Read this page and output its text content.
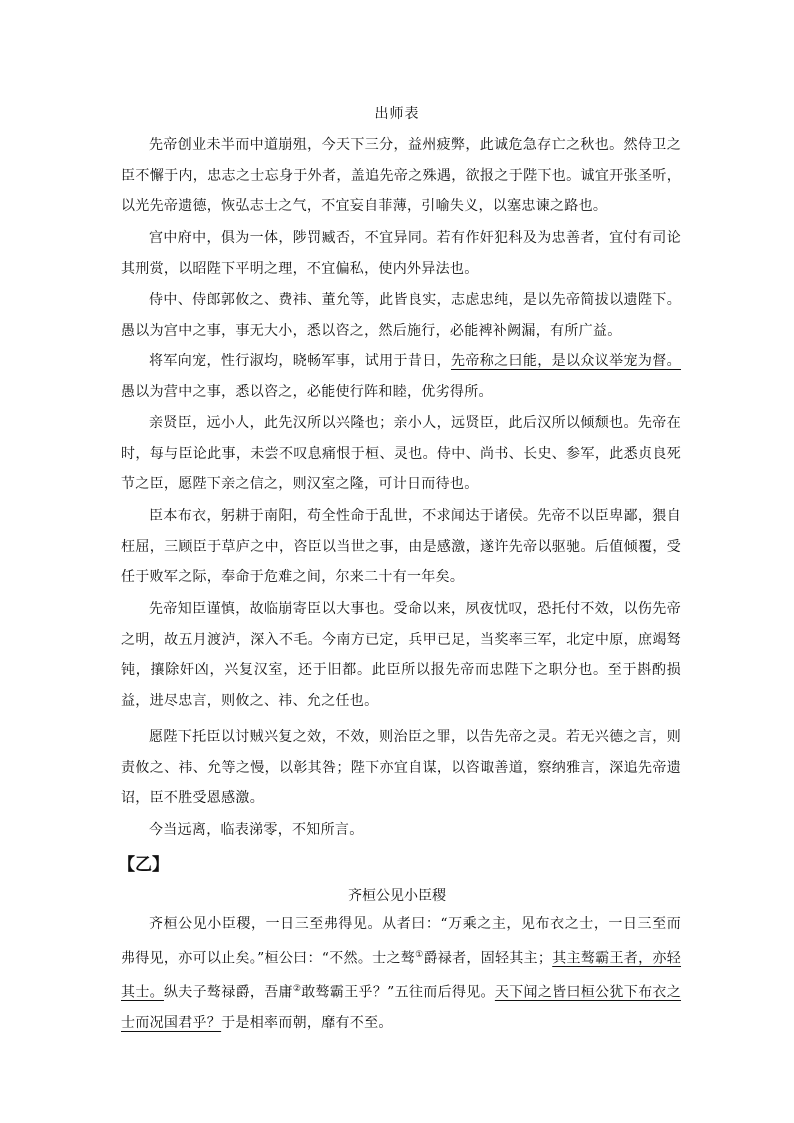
出师表

先帝创业未半而中道崩殂，今天下三分，益州疲弊，此诚危急存亡之秋也。然侍卫之臣不懈于内，忠志之士忘身于外者，盖追先帝之殊遇，欲报之于陛下也。诚宜开张圣听，以光先帝遗德，恢弘志士之气，不宜妄自菲薄，引喻失义，以塞忠谏之路也。

宫中府中，俱为一体，陟罚臧否，不宜异同。若有作奸犯科及为忠善者，宜付有司论其刑赏，以昭陛下平明之理，不宜偏私，使内外异法也。

侍中、侍郎郭攸之、费祎、董允等，此皆良实，志虑忠纯，是以先帝简拔以遗陛下。愚以为宫中之事，事无大小，悉以咨之，然后施行，必能裨补阙漏，有所广益。

将军向宠，性行淑均，晓畅军事，试用于昔日，先帝称之曰能，是以众议举宠为督。愚以为营中之事，悉以咨之，必能使行阵和睦，优劣得所。

亲贤臣，远小人，此先汉所以兴隆也；亲小人，远贤臣，此后汉所以倾颓也。先帝在时，每与臣论此事，未尝不叹息痛恨于桓、灵也。侍中、尚书、长史、参军，此悉贞良死节之臣，愿陛下亲之信之，则汉室之隆，可计日而待也。

臣本布衣，躬耕于南阳，苟全性命于乱世，不求闻达于诸侯。先帝不以臣卑鄙，猥自枉屈，三顾臣于草庐之中，咨臣以当世之事，由是感激，遂许先帝以驱驰。后值倾覆，受任于败军之际，奉命于危难之间，尔来二十有一年矣。

先帝知臣谨慎，故临崩寄臣以大事也。受命以来，夙夜忧叹，恐托付不效，以伤先帝之明，故五月渡泸，深入不毛。今南方已定，兵甲已足，当奖率三军，北定中原，庶竭驽钝，攘除奸凶，兴复汉室，还于旧都。此臣所以报先帝而忠陛下之职分也。至于斟酌损益，进尽忠言，则攸之、祎、允之任也。

愿陛下托臣以讨贼兴复之效，不效，则治臣之罪，以告先帝之灵。若无兴德之言，则责攸之、祎、允等之慢，以彰其咎；陛下亦宜自谋，以咨诹善道，察纳雅言，深追先帝遗诏，臣不胜受恩感激。

今当远离，临表涕零，不知所言。

【乙】
齐桓公见小臣稷

齐桓公见小臣稷，一日三至弗得见。从者曰：“万乘之主，见布衣之士，一日三至而弗得见，亦可以止矣。”桓公曰：“不然。士之骜①爵禄者，固轻其主；其主骜霸王者，亦轻其士。纵夫子骜禄爵，吾庸②敢骜霸王乎？”五往而后得见。天下闻之皆曰桓公犹下布衣之士而况国君乎？于是相率而朝，靡有不至。
